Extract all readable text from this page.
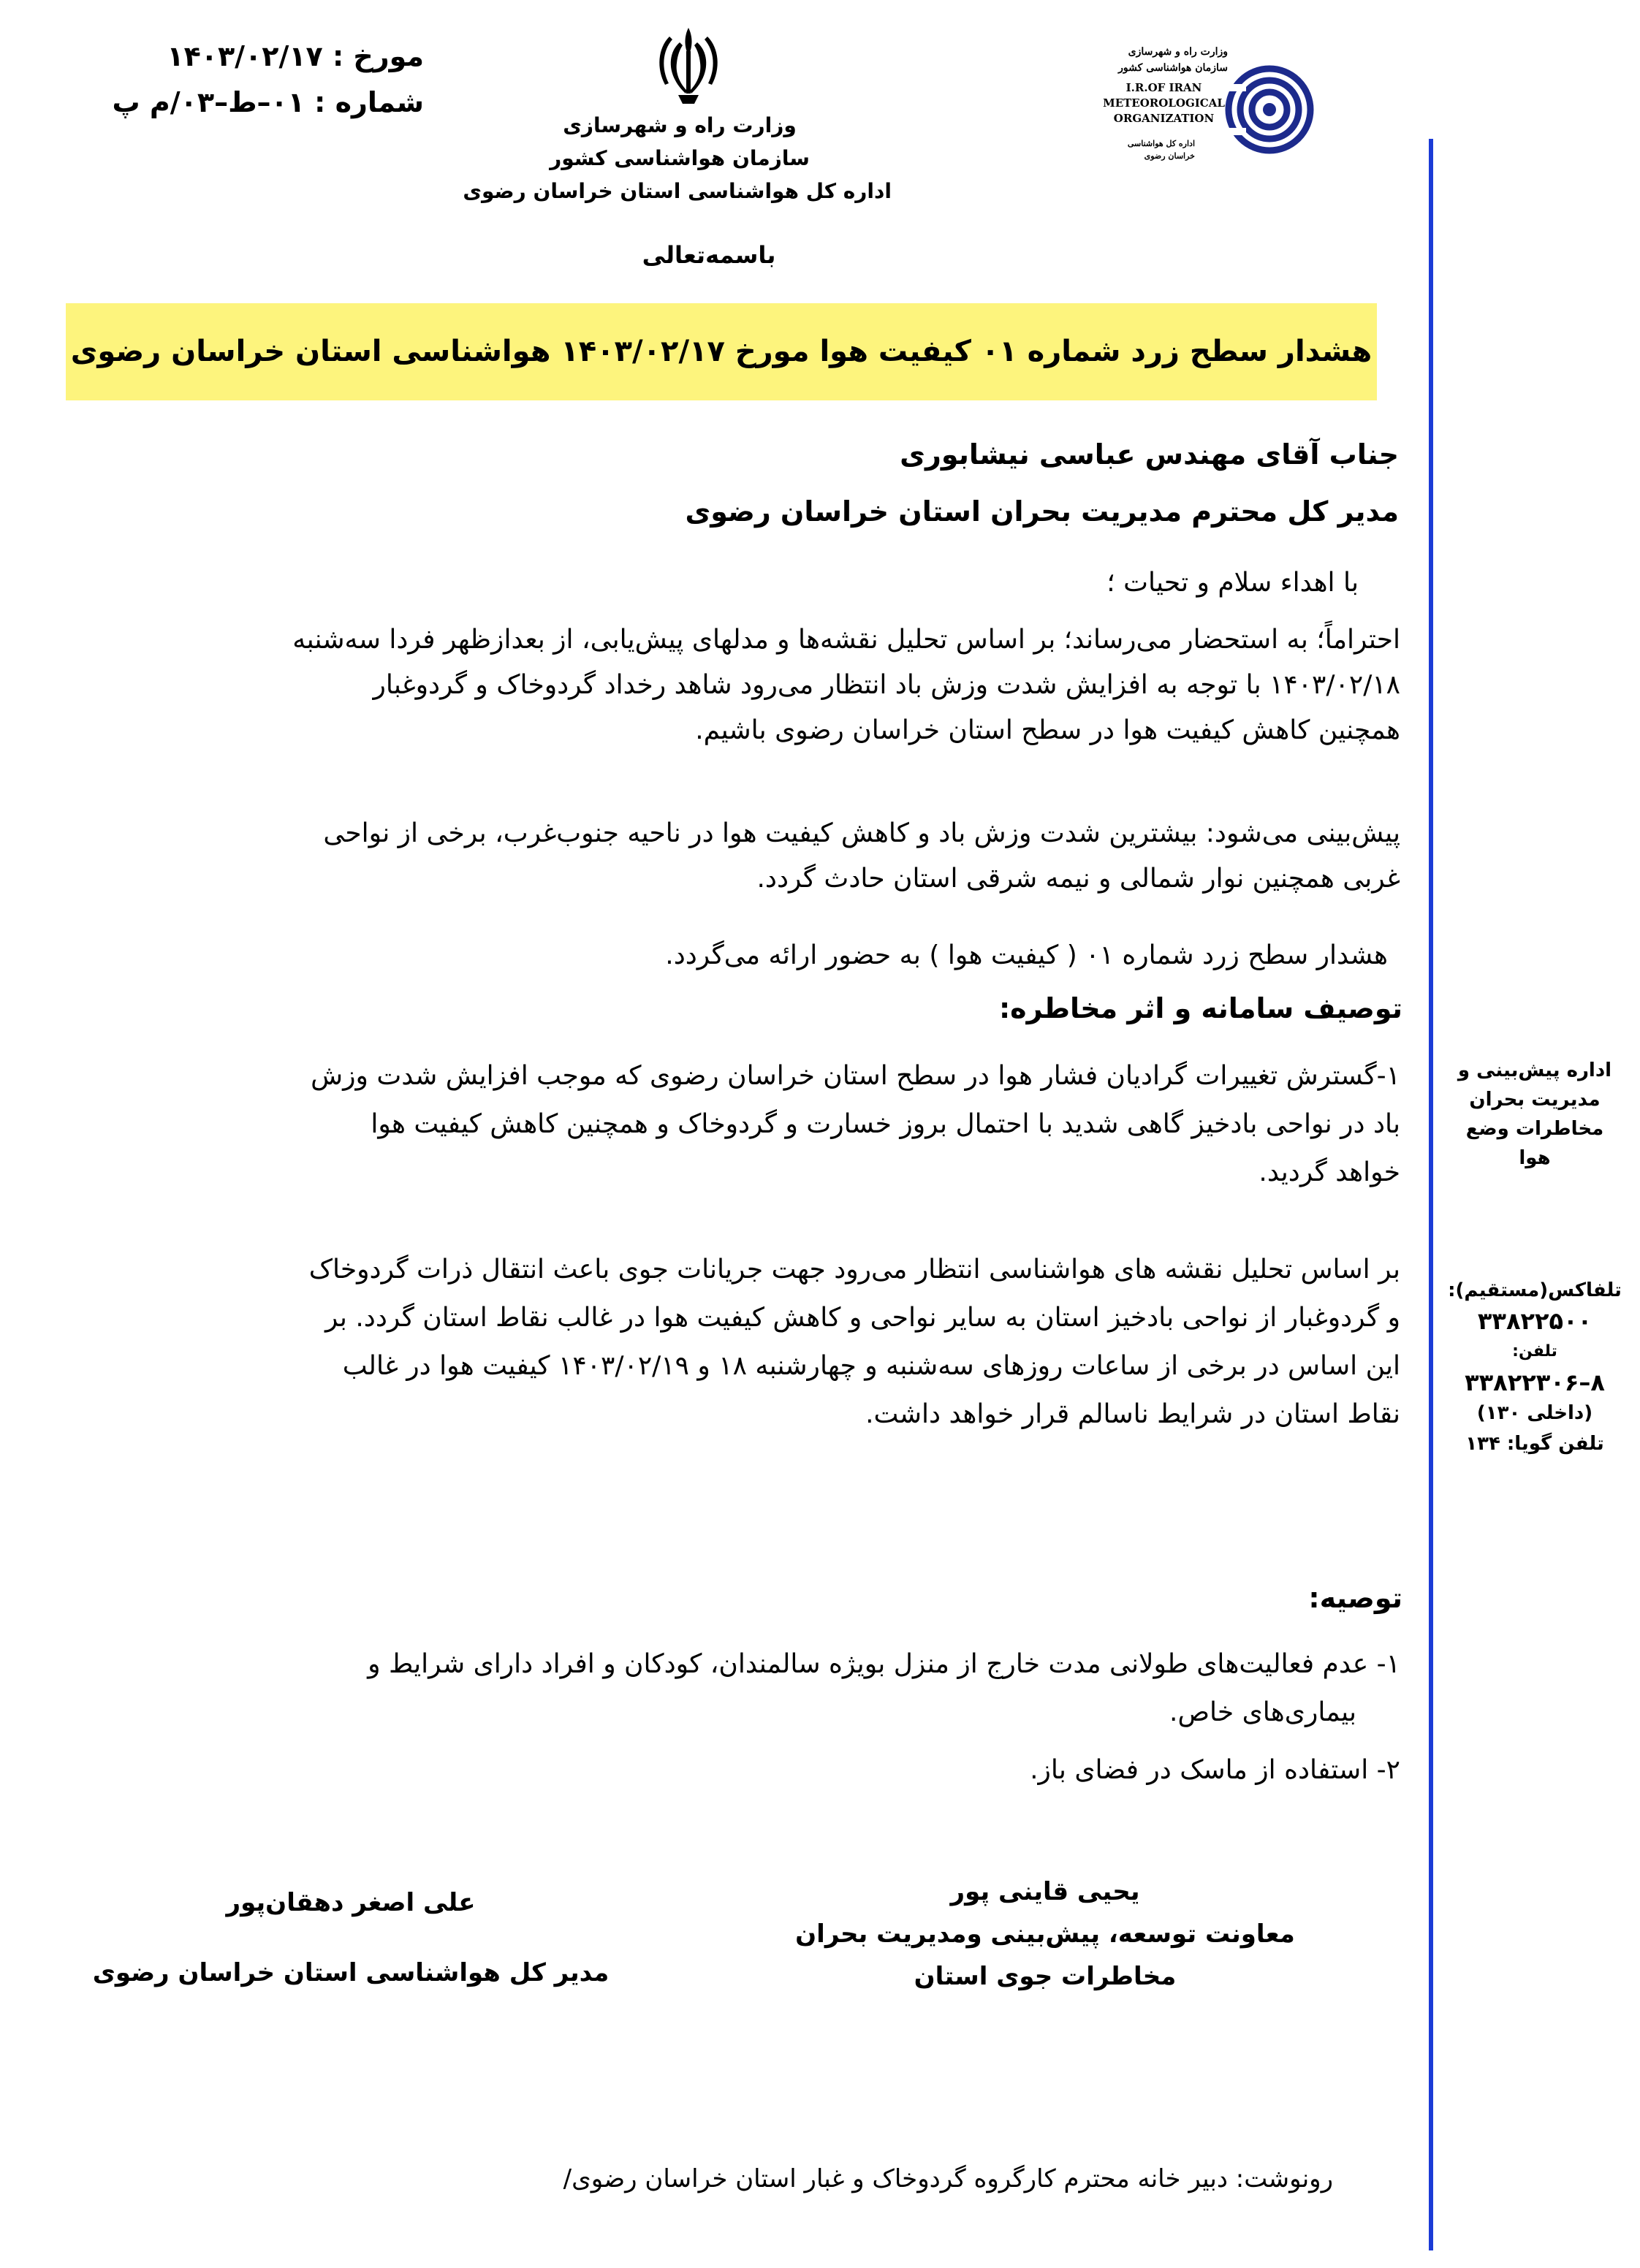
مورخ : ۱۴۰۳/۰۲/۱۷
شماره : ۰۱–ط–۰۳/م پ
وزارت راه و شهرسازی
سازمان هواشناسی کشور
اداره کل هواشناسی استان خراسان رضوی
وزارت راه و شهرسازی
سازمان هواشناسی کشور
I.R.OF IRAN
METEOROLOGICAL
ORGANIZATION
اداره کل هواشناسی
خراسان رضوی
باسمه‌تعالی
هشدار سطح زرد شماره ۰۱ کیفیت هوا مورخ ۱۴۰۳/۰۲/۱۷ هواشناسی استان خراسان رضوی
جناب آقای مهندس عباسی نیشابوری
مدیر کل محترم مدیریت بحران استان خراسان رضوی
با اهداء سلام و تحیات ؛
احتراماً؛ به استحضار می‌رساند؛ بر اساس تحلیل نقشه‌ها و مدلهای پیش‌یابی، از بعدازظهر فردا سه‌شنبه
۱۴۰۳/۰۲/۱۸ با توجه به افزایش شدت وزش باد انتظار می‌رود شاهد رخداد گردوخاک و گردوغبار
همچنین کاهش کیفیت هوا در سطح استان خراسان رضوی باشیم.
پیش‌بینی می‌شود: بیشترین شدت وزش باد و کاهش کیفیت هوا در ناحیه جنوب‌غرب، برخی از نواحی
غربی همچنین نوار شمالی و نیمه شرقی استان حادث گردد.
هشدار سطح زرد شماره ۰۱ ( کیفیت هوا ) به حضور ارائه می‌گردد.
توصیف سامانه و اثر مخاطره:
۱-گسترش تغییرات گرادیان فشار هوا در سطح استان خراسان رضوی که موجب افزایش شدت وزش
باد در نواحی بادخیز گاهی شدید با احتمال بروز خسارت و گردوخاک و همچنین کاهش کیفیت هوا
خواهد گردید.
بر اساس تحلیل نقشه های هواشناسی انتظار می‌رود جهت جریانات جوی باعث انتقال ذرات گردوخاک
و گردوغبار از نواحی بادخیز استان به سایر نواحی و کاهش کیفیت هوا در غالب نقاط استان گردد. بر
این اساس در برخی از ساعات روزهای سه‌شنبه و چهارشنبه ۱۸ و ۱۴۰۳/۰۲/۱۹ کیفیت هوا در غالب
نقاط استان در شرایط ناسالم قرار خواهد داشت.
توصیه:
۱- عدم فعالیت‌های طولانی مدت خارج از منزل بویژه سالمندان، کودکان و افراد دارای شرایط و
بیماری‌های خاص.
۲- استفاده از ماسک در فضای باز.
اداره پیش‌بینی و
مدیریت بحران
مخاطرات وضع
هوا
تلفاکس(مستقیم):
۳۳۸۲۲۵۰۰
تلفن:
۸–۳۳۸۲۲۳۰۶
(داخلی ۱۳۰)
تلفن گویا: ۱۳۴
علی اصغر دهقان‌پور
مدیر کل هواشناسی استان خراسان رضوی
یحیی قاینی پور
معاونت توسعه، پیش‌بینی ومدیریت بحران
مخاطرات جوی استان
رونوشت: دبیر خانه محترم کارگروه گردوخاک و غبار استان خراسان رضوی/
